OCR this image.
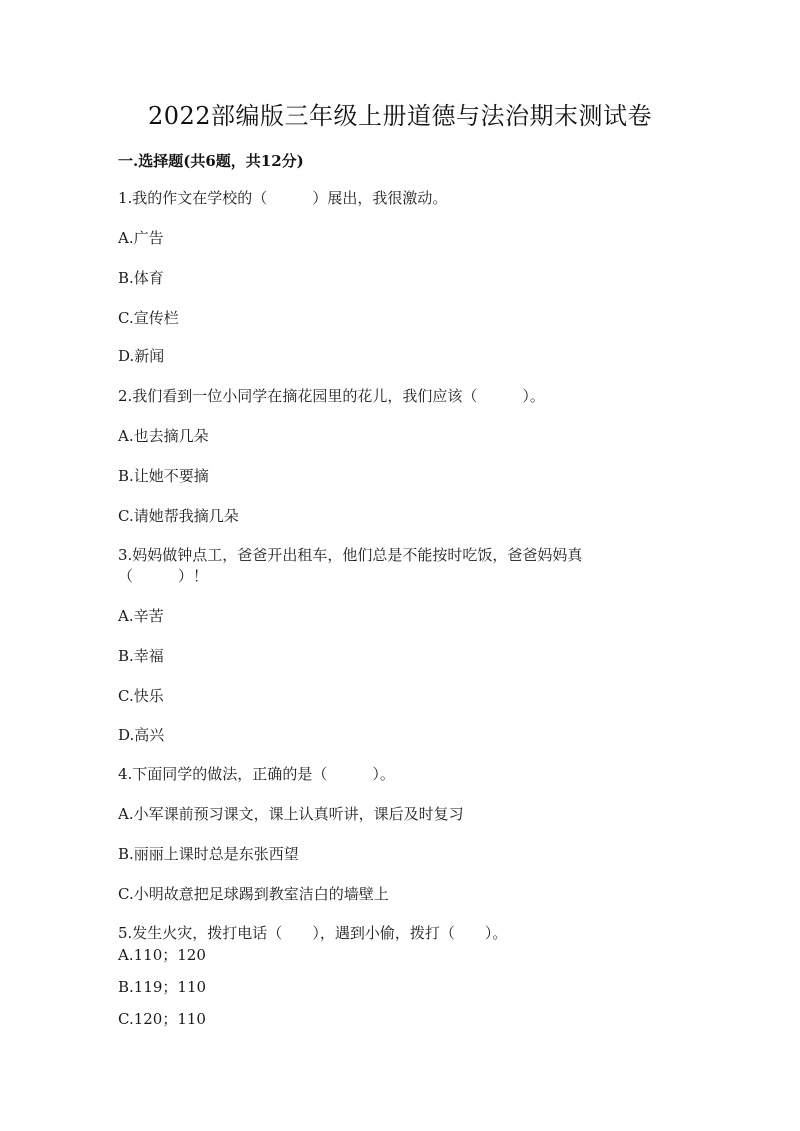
2022部编版三年级上册道德与法治期末测试卷
一.选择题(共6题，共12分)
1.我的作文在学校的（　　　）展出，我很激动。
A.广告
B.体育
C.宣传栏
D.新闻
2.我们看到一位小同学在摘花园里的花儿，我们应该（　　　）。
A.也去摘几朵
B.让她不要摘
C.请她帮我摘几朵
3.妈妈做钟点工，爸爸开出租车，他们总是不能按时吃饭，爸爸妈妈真
（　　　）！
A.辛苦
B.幸福
C.快乐
D.高兴
4.下面同学的做法，正确的是（　　　）。
A.小军课前预习课文，课上认真听讲，课后及时复习
B.丽丽上课时总是东张西望
C.小明故意把足球踢到教室洁白的墙壁上
5.发生火灾，拨打电话（　　），遇到小偷，拨打（　　）。
A.110；120
B.119；110
C.120；110
